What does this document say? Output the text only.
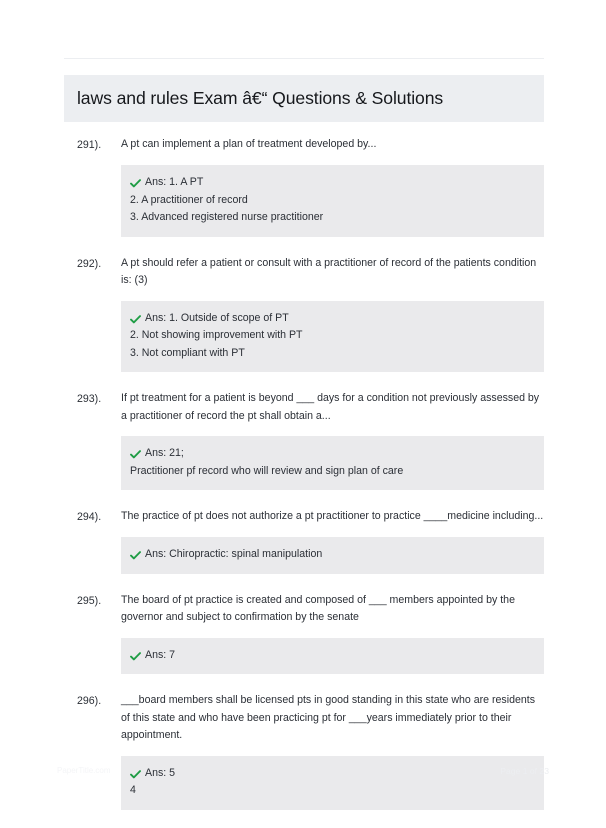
laws and rules Exam â€“ Questions & Solutions
291).	A pt can implement a plan of treatment developed by...
Ans: 1. A PT
2. A practitioner of record
3. Advanced registered nurse practitioner
292).	A pt should refer a patient or consult with a practitioner of record of the patients condition is: (3)
Ans: 1. Outside of scope of PT
2. Not showing improvement with PT
3. Not compliant with PT
293).	If pt treatment for a patient is beyond ___ days for a condition not previously assessed by a practitioner of record the pt shall obtain a...
Ans: 21;
Practitioner pf record who will review and sign plan of care
294).	The practice of pt does not authorize a pt practitioner to practice ____medicine including...
Ans: Chiropractic: spinal manipulation
295).	The board of pt practice is created and composed of ___ members appointed by the governor and subject to confirmation by the senate
Ans: 7
296).	___board members shall be licensed pts in good standing in this state who are residents of this state and who have been practicing pt for ___years immediately prior to their appointment.
Ans: 5
4
PaperTitle.com	Page 1 of 23
